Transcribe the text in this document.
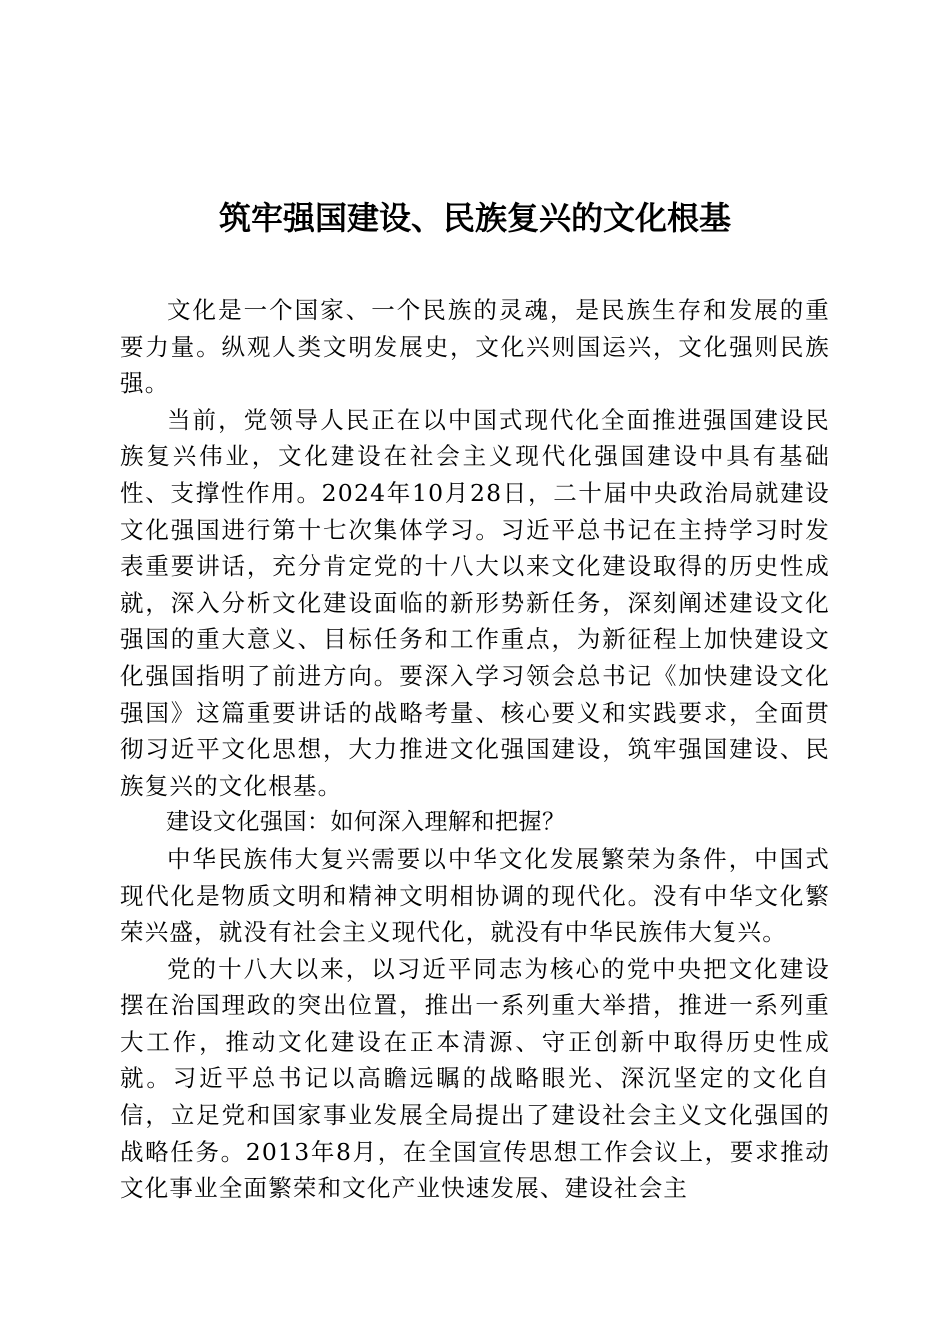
筑牢强国建设、民族复兴的文化根基

文化是一个国家、一个民族的灵魂，是民族生存和发展的重要力量。纵观人类文明发展史，文化兴则国运兴，文化强则民族强。

当前，党领导人民正在以中国式现代化全面推进强国建设民族复兴伟业，文化建设在社会主义现代化强国建设中具有基础性、支撑性作用。2024年10月28日，二十届中央政治局就建设文化强国进行第十七次集体学习。习近平总书记在主持学习时发表重要讲话，充分肯定党的十八大以来文化建设取得的历史性成就，深入分析文化建设面临的新形势新任务，深刻阐述建设文化强国的重大意义、目标任务和工作重点，为新征程上加快建设文化强国指明了前进方向。要深入学习领会总书记《加快建设文化强国》这篇重要讲话的战略考量、核心要义和实践要求，全面贯彻习近平文化思想，大力推进文化强国建设，筑牢强国建设、民族复兴的文化根基。

建设文化强国：如何深入理解和把握？

中华民族伟大复兴需要以中华文化发展繁荣为条件，中国式现代化是物质文明和精神文明相协调的现代化。没有中华文化繁荣兴盛，就没有社会主义现代化，就没有中华民族伟大复兴。

党的十八大以来，以习近平同志为核心的党中央把文化建设摆在治国理政的突出位置，推出一系列重大举措，推进一系列重大工作，推动文化建设在正本清源、守正创新中取得历史性成就。习近平总书记以高瞻远瞩的战略眼光、深沉坚定的文化自信，立足党和国家事业发展全局提出了建设社会主义文化强国的战略任务。2013年8月，在全国宣传思想工作会议上，要求推动文化事业全面繁荣和文化产业快速发展、建设社会主
